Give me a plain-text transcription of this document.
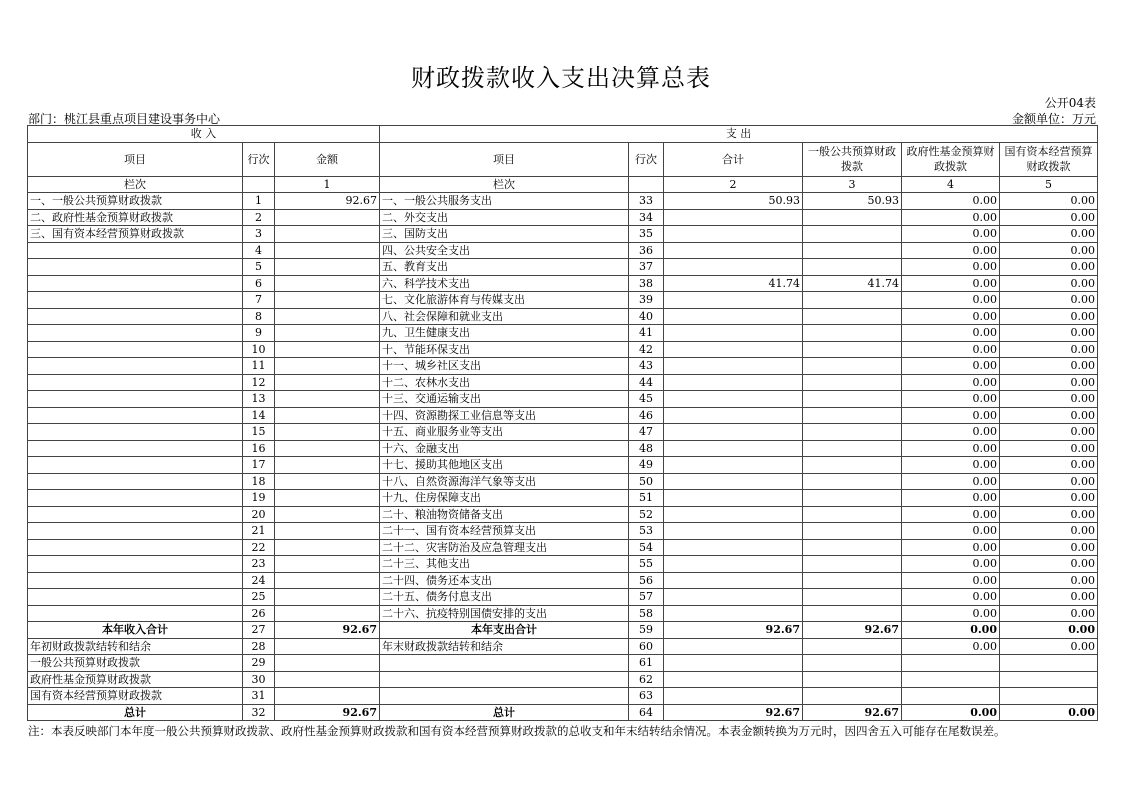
财政拨款收入支出决算总表
公开04表
部门：桃江县重点项目建设事务中心	金额单位：万元
收 入			支 出					
项目	行次	金额	项目	行次	合计	一般公共预算财政拨款	政府性基金预算财政拨款	国有资本经营预算财政拨款
栏次		1	栏次		2	3	4	5
一、一般公共预算财政拨款	1	92.67	一、一般公共服务支出	33	50.93	50.93	0.00	0.00
二、政府性基金预算财政拨款	2		二、外交支出	34			0.00	0.00
三、国有资本经营预算财政拨款	3		三、国防支出	35			0.00	0.00
	4		四、公共安全支出	36			0.00	0.00
	5		五、教育支出	37			0.00	0.00
	6		六、科学技术支出	38	41.74	41.74	0.00	0.00
	7		七、文化旅游体育与传媒支出	39			0.00	0.00
	8		八、社会保障和就业支出	40			0.00	0.00
	9		九、卫生健康支出	41			0.00	0.00
	10		十、节能环保支出	42			0.00	0.00
	11		十一、城乡社区支出	43			0.00	0.00
	12		十二、农林水支出	44			0.00	0.00
	13		十三、交通运输支出	45			0.00	0.00
	14		十四、资源勘探工业信息等支出	46			0.00	0.00
	15		十五、商业服务业等支出	47			0.00	0.00
	16		十六、金融支出	48			0.00	0.00
	17		十七、援助其他地区支出	49			0.00	0.00
	18		十八、自然资源海洋气象等支出	50			0.00	0.00
	19		十九、住房保障支出	51			0.00	0.00
	20		二十、粮油物资储备支出	52			0.00	0.00
	21		二十一、国有资本经营预算支出	53			0.00	0.00
	22		二十二、灾害防治及应急管理支出	54			0.00	0.00
	23		二十三、其他支出	55			0.00	0.00
	24		二十四、债务还本支出	56			0.00	0.00
	25		二十五、债务付息支出	57			0.00	0.00
	26		二十六、抗疫特别国债安排的支出	58			0.00	0.00
本年收入合计	27	92.67	本年支出合计	59	92.67	92.67	0.00	0.00
年初财政拨款结转和结余	28		年末财政拨款结转和结余	60			0.00	0.00
一般公共预算财政拨款	29			61				
政府性基金预算财政拨款	30			62				
国有资本经营预算财政拨款	31			63				
总计	32	92.67	总计	64	92.67	92.67	0.00	0.00
注：本表反映部门本年度一般公共预算财政拨款、政府性基金预算财政拨款和国有资本经营预算财政拨款的总收支和年末结转结余情况。本表金额转换为万元时，因四舍五入可能存在尾数误差。
